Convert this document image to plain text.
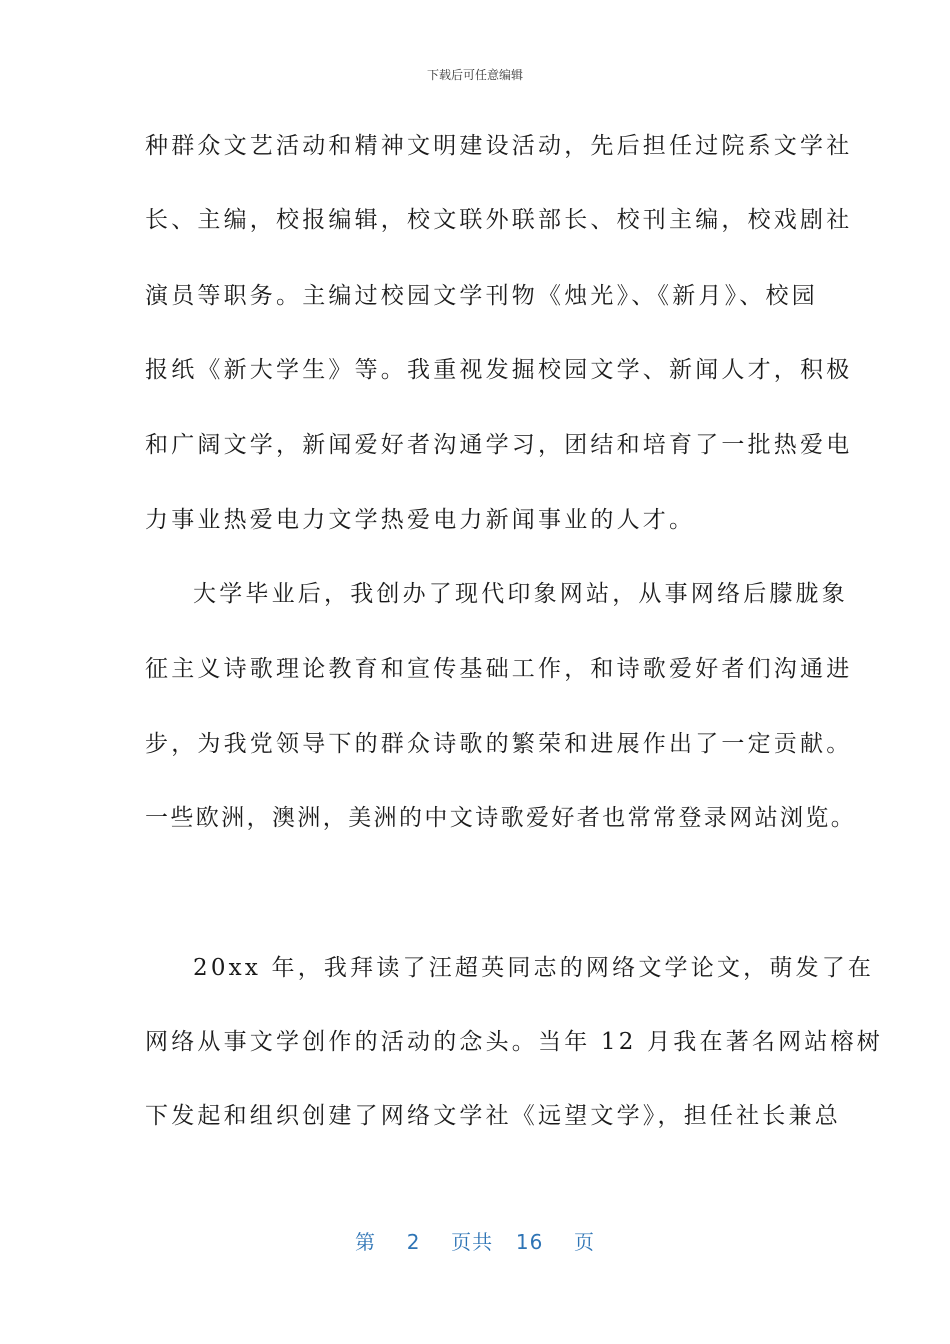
下载后可任意编辑
种群众文艺活动和精神文明建设活动，先后担任过院系文学社
长、主编，校报编辑，校文联外联部长、校刊主编，校戏剧社
演员等职务。主编过校园文学刊物《烛光》、《新月》、校园
报纸《新大学生》等。我重视发掘校园文学、新闻人才，积极
和广阔文学，新闻爱好者沟通学习，团结和培育了一批热爱电
力事业热爱电力文学热爱电力新闻事业的人才。
大学毕业后，我创办了现代印象网站，从事网络后朦胧象
征主义诗歌理论教育和宣传基础工作，和诗歌爱好者们沟通进
步，为我党领导下的群众诗歌的繁荣和进展作出了一定贡献。
一些欧洲，澳洲，美洲的中文诗歌爱好者也常常登录网站浏览。
20xx 年，我拜读了汪超英同志的网络文学论文，萌发了在
网络从事文学创作的活动的念头。当年 12 月我在著名网站榕树
下发起和组织创建了网络文学社《远望文学》，担任社长兼总
第 2 页共 16 页
